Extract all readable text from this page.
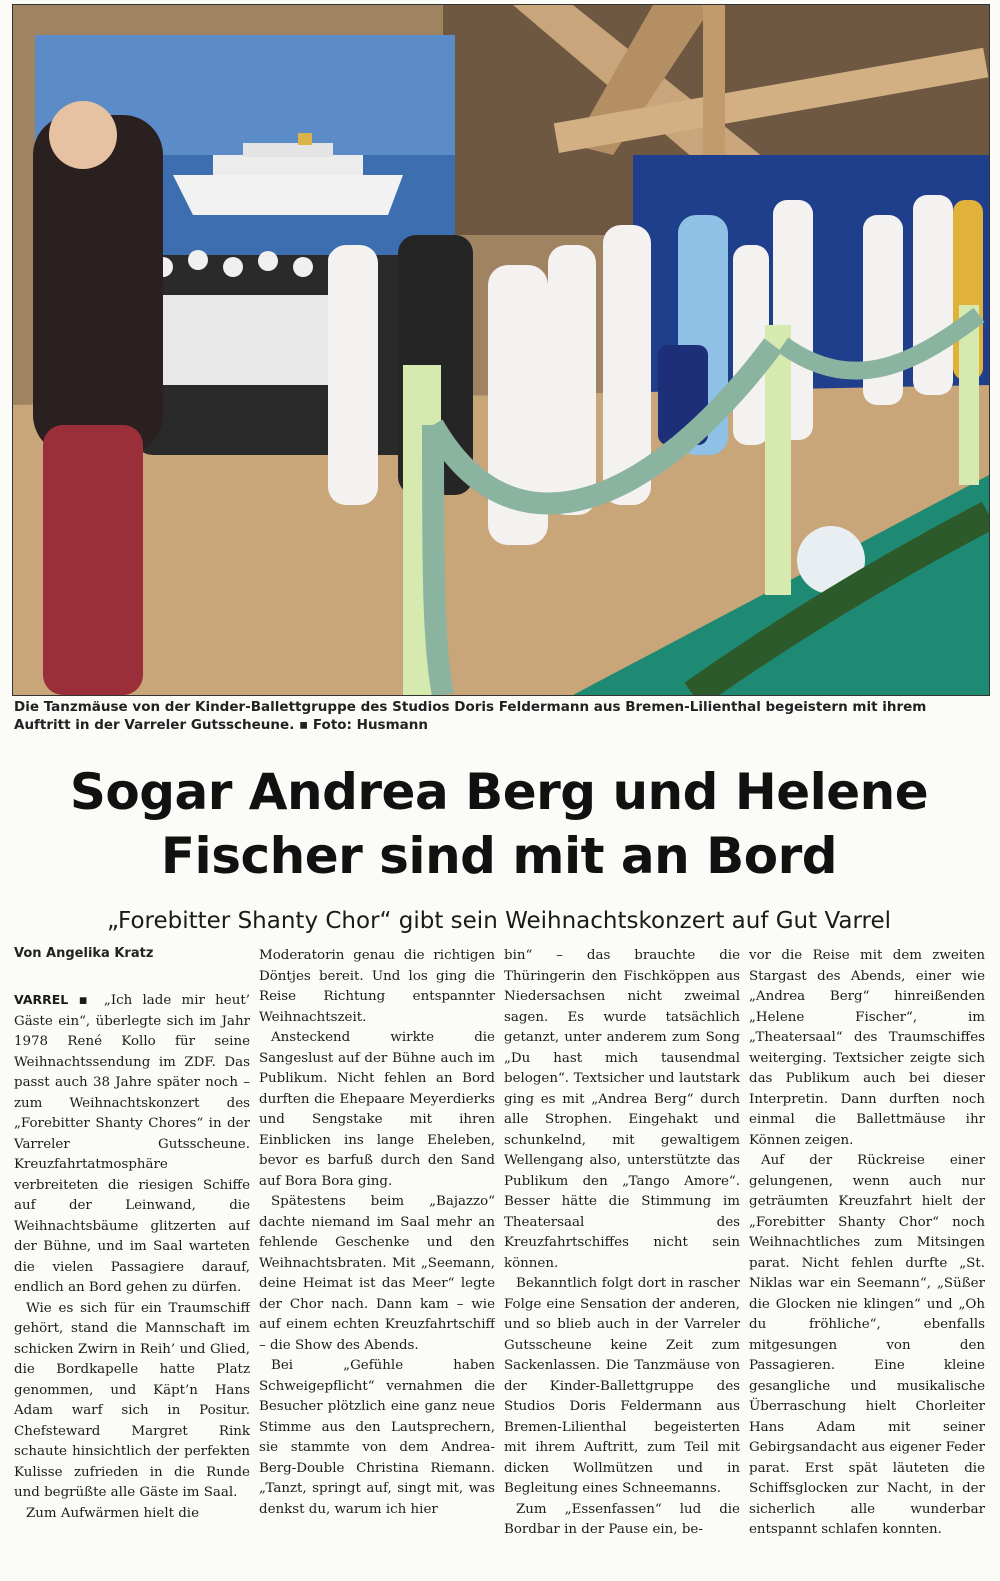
Die Tanzmäuse von der Kinder-Ballettgruppe des Studios Doris Feldermann aus Bremen-Lilienthal begeistern mit ihrem Auftritt in der Varreler Gutsscheune. ▪ Foto: Husmann
Sogar Andrea Berg und Helene
Fischer sind mit an Bord
„Forebitter Shanty Chor“ gibt sein Weihnachtskonzert auf Gut Varrel
Von Angelika Kratz

VARREL ▪ „Ich lade mir heut’ Gäste ein“, überlegte sich im Jahr 1978 René Kollo für seine Weihnachtssendung im ZDF. Das passt auch 38 Jahre später noch – zum Weihnachtskonzert des „Forebitter Shanty Chores“ in der Varreler Gutsscheune. Kreuzfahrtatmosphäre verbreiteten die riesigen Schiffe auf der Leinwand, die Weihnachtsbäume glitzerten auf der Bühne, und im Saal warteten die vielen Passagiere darauf, endlich an Bord gehen zu dürfen.

Wie es sich für ein Traumschiff gehört, stand die Mannschaft im schicken Zwirn in Reih’ und Glied, die Bordkapelle hatte Platz genommen, und Käpt’n Hans Adam warf sich in Positur. Chefsteward Margret Rink schaute hinsichtlich der perfekten Kulisse zufrieden in die Runde und begrüßte alle Gäste im Saal.

Zum Aufwärmen hielt die

Moderatorin genau die richtigen Döntjes bereit. Und los ging die Reise Richtung entspannter Weihnachtszeit.

Ansteckend wirkte die Sangeslust auf der Bühne auch im Publikum. Nicht fehlen an Bord durften die Ehepaare Meyerdierks und Sengstake mit ihren Einblicken ins lange Eheleben, bevor es barfuß durch den Sand auf Bora Bora ging.

Spätestens beim „Bajazzo“ dachte niemand im Saal mehr an fehlende Geschenke und den Weihnachtsbraten. Mit „Seemann, deine Heimat ist das Meer“ legte der Chor nach. Dann kam – wie auf einem echten Kreuzfahrtschiff – die Show des Abends.

Bei „Gefühle haben Schweigepflicht“ vernahmen die Besucher plötzlich eine ganz neue Stimme aus den Lautsprechern, sie stammte von dem Andrea-Berg-Double Christina Riemann. „Tanzt, springt auf, singt mit, was denkst du, warum ich hier

bin“ – das brauchte die Thüringerin den Fischköppen aus Niedersachsen nicht zweimal sagen. Es wurde tatsächlich getanzt, unter anderem zum Song „Du hast mich tausendmal belogen“. Textsicher und lautstark ging es mit „Andrea Berg“ durch alle Strophen. Eingehakt und schunkelnd, mit gewaltigem Wellengang also, unterstützte das Publikum den „Tango Amore“. Besser hätte die Stimmung im Theatersaal des Kreuzfahrtschiffes nicht sein können.

Bekanntlich folgt dort in rascher Folge eine Sensation der anderen, und so blieb auch in der Varreler Gutsscheune keine Zeit zum Sackenlassen. Die Tanzmäuse von der Kinder-Ballettgruppe des Studios Doris Feldermann aus Bremen-Lilienthal begeisterten mit ihrem Auftritt, zum Teil mit dicken Wollmützen und in Begleitung eines Schneemanns.

Zum „Essenfassen“ lud die Bordbar in der Pause ein, be-

vor die Reise mit dem zweiten Stargast des Abends, einer wie „Andrea Berg“ hinreißenden „Helene Fischer“, im „Theatersaal“ des Traumschiffes weiterging. Textsicher zeigte sich das Publikum auch bei dieser Interpretin. Dann durften noch einmal die Ballettmäuse ihr Können zeigen.

Auf der Rückreise einer gelungenen, wenn auch nur geträumten Kreuzfahrt hielt der „Forebitter Shanty Chor“ noch Weihnachtliches zum Mitsingen parat. Nicht fehlen durfte „St. Niklas war ein Seemann“, „Süßer die Glocken nie klingen“ und „Oh du fröhliche“, ebenfalls mitgesungen von den Passagieren. Eine kleine gesangliche und musikalische Überraschung hielt Chorleiter Hans Adam mit seiner Gebirgsandacht aus eigener Feder parat. Erst spät läuteten die Schiffsglocken zur Nacht, in der sicherlich alle wunderbar entspannt schlafen konnten.
